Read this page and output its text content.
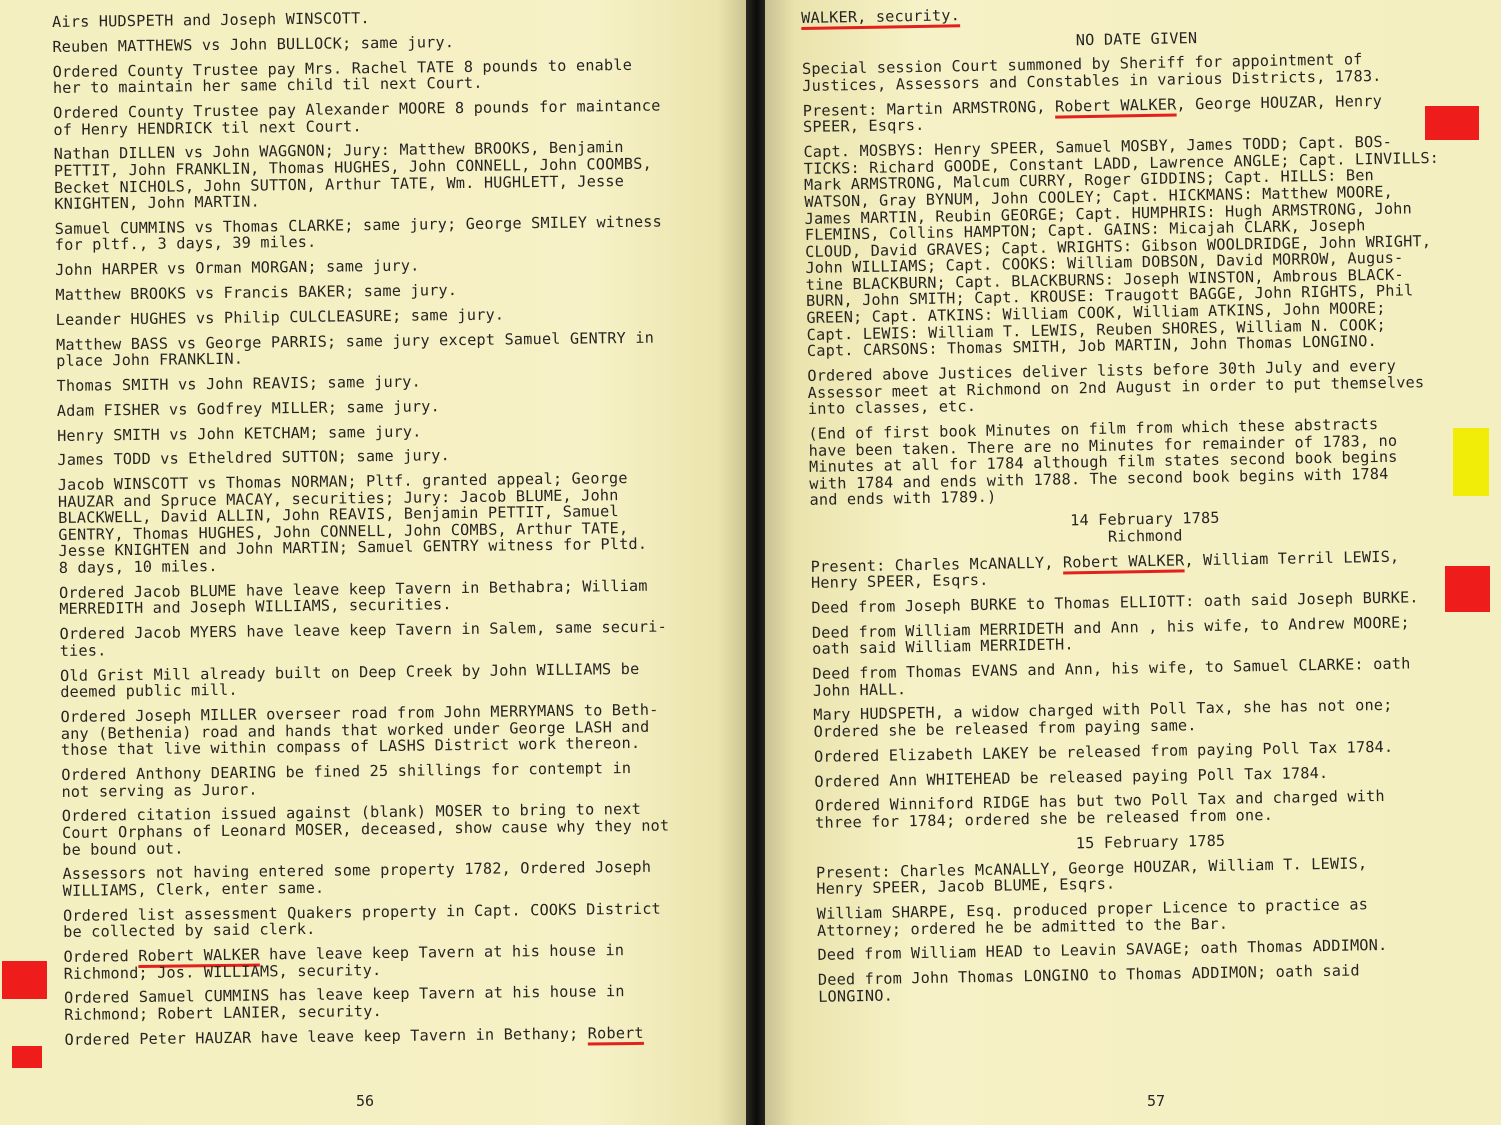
Airs HUDSPETH and Joseph WINSCOTT.
Reuben MATTHEWS vs John BULLOCK; same jury.
Ordered County Trustee pay Mrs. Rachel TATE 8 pounds to enable
her to maintain her same child til next Court.
Ordered County Trustee pay Alexander MOORE 8 pounds for maintance
of Henry HENDRICK til next Court.
Nathan DILLEN vs John WAGGNON; Jury: Matthew BROOKS, Benjamin
PETTIT, John FRANKLIN, Thomas HUGHES, John CONNELL, John COOMBS,
Becket NICHOLS, John SUTTON, Arthur TATE, Wm. HUGHLETT, Jesse
KNIGHTEN, John MARTIN.
Samuel CUMMINS vs Thomas CLARKE; same jury; George SMILEY witness
for pltf., 3 days, 39 miles.
John HARPER vs Orman MORGAN; same jury.
Matthew BROOKS vs Francis BAKER; same jury.
Leander HUGHES vs Philip CULCLEASURE; same jury.
Matthew BASS vs George PARRIS; same jury except Samuel GENTRY in
place John FRANKLIN.
Thomas SMITH vs John REAVIS; same jury.
Adam FISHER vs Godfrey MILLER; same jury.
Henry SMITH vs John KETCHAM; same jury.
James TODD vs Etheldred SUTTON; same jury.
Jacob WINSCOTT vs Thomas NORMAN; Pltf. granted appeal; George
HAUZAR and Spruce MACAY, securities; Jury: Jacob BLUME, John
BLACKWELL, David ALLIN, John REAVIS, Benjamin PETTIT, Samuel
GENTRY, Thomas HUGHES, John CONNELL, John COMBS, Arthur TATE,
Jesse KNIGHTEN and John MARTIN; Samuel GENTRY witness for Pltd.
8 days, 10 miles.
Ordered Jacob BLUME have leave keep Tavern in Bethabra; William
MERREDITH and Joseph WILLIAMS, securities.
Ordered Jacob MYERS have leave keep Tavern in Salem, same securi-
ties.
Old Grist Mill already built on Deep Creek by John WILLIAMS be
deemed public mill.
Ordered Joseph MILLER overseer road from John MERRYMANS to Beth-
any (Bethenia) road and hands that worked under George LASH and
those that live within compass of LASHS District work thereon.
Ordered Anthony DEARING be fined 25 shillings for contempt in
not serving as Juror.
Ordered citation issued against (blank) MOSER to bring to next
Court Orphans of Leonard MOSER, deceased, show cause why they not
be bound out.
Assessors not having entered some property 1782, Ordered Joseph
WILLIAMS, Clerk, enter same.
Ordered list assessment Quakers property in Capt. COOKS District
be collected by said clerk.
Ordered Robert WALKER have leave keep Tavern at his house in
Richmond; Jos. WILLIAMS, security.
Ordered Samuel CUMMINS has leave keep Tavern at his house in
Richmond; Robert LANIER, security.
Ordered Peter HAUZAR have leave keep Tavern in Bethany; Robert
56
WALKER, security.
NO DATE GIVEN
Special session Court summoned by Sheriff for appointment of
Justices, Assessors and Constables in various Districts, 1783.
Present: Martin ARMSTRONG, Robert WALKER, George HOUZAR, Henry
SPEER, Esqrs.
Capt. MOSBYS: Henry SPEER, Samuel MOSBY, James TODD; Capt. BOS-
TICKS: Richard GOODE, Constant LADD, Lawrence ANGLE; Capt. LINVILLS:
Mark ARMSTRONG, Malcum CURRY, Roger GIDDINS; Capt. HILLS: Ben
WATSON, Gray BYNUM, John COOLEY; Capt. HICKMANS: Matthew MOORE,
James MARTIN, Reubin GEORGE; Capt. HUMPHRIS: Hugh ARMSTRONG, John
FLEMINS, Collins HAMPTON; Capt. GAINS: Micajah CLARK, Joseph
CLOUD, David GRAVES; Capt. WRIGHTS: Gibson WOOLDRIDGE, John WRIGHT,
John WILLIAMS; Capt. COOKS: William DOBSON, David MORROW, Augus-
tine BLACKBURN; Capt. BLACKBURNS: Joseph WINSTON, Ambrous BLACK-
BURN, John SMITH; Capt. KROUSE: Traugott BAGGE, John RIGHTS, Phil
GREEN; Capt. ATKINS: William COOK, William ATKINS, John MOORE;
Capt. LEWIS: William T. LEWIS, Reuben SHORES, William N. COOK;
Capt. CARSONS: Thomas SMITH, Job MARTIN, John Thomas LONGINO.
Ordered above Justices deliver lists before 30th July and every
Assessor meet at Richmond on 2nd August in order to put themselves
into classes, etc.
(End of first book Minutes on film from which these abstracts
have been taken. There are no Minutes for remainder of 1783, no
Minutes at all for 1784 although film states second book begins
with 1784 and ends with 1788. The second book begins with 1784
and ends with 1789.)
14 February 1785
Richmond
Present: Charles McANALLY, Robert WALKER, William Terril LEWIS,
Henry SPEER, Esqrs.
Deed from Joseph BURKE to Thomas ELLIOTT: oath said Joseph BURKE.
Deed from William MERRIDETH and Ann , his wife, to Andrew MOORE;
oath said William MERRIDETH.
Deed from Thomas EVANS and Ann, his wife, to Samuel CLARKE: oath
John HALL.
Mary HUDSPETH, a widow charged with Poll Tax, she has not one;
Ordered she be released from paying same.
Ordered Elizabeth LAKEY be released from paying Poll Tax 1784.
Ordered Ann WHITEHEAD be released paying Poll Tax 1784.
Ordered Winniford RIDGE has but two Poll Tax and charged with
three for 1784; ordered she be released from one.
15 February 1785
Present: Charles McANALLY, George HOUZAR, William T. LEWIS,
Henry SPEER, Jacob BLUME, Esqrs.
William SHARPE, Esq. produced proper Licence to practice as
Attorney; ordered he be admitted to the Bar.
Deed from William HEAD to Leavin SAVAGE; oath Thomas ADDIMON.
Deed from John Thomas LONGINO to Thomas ADDIMON; oath said
LONGINO.
57
